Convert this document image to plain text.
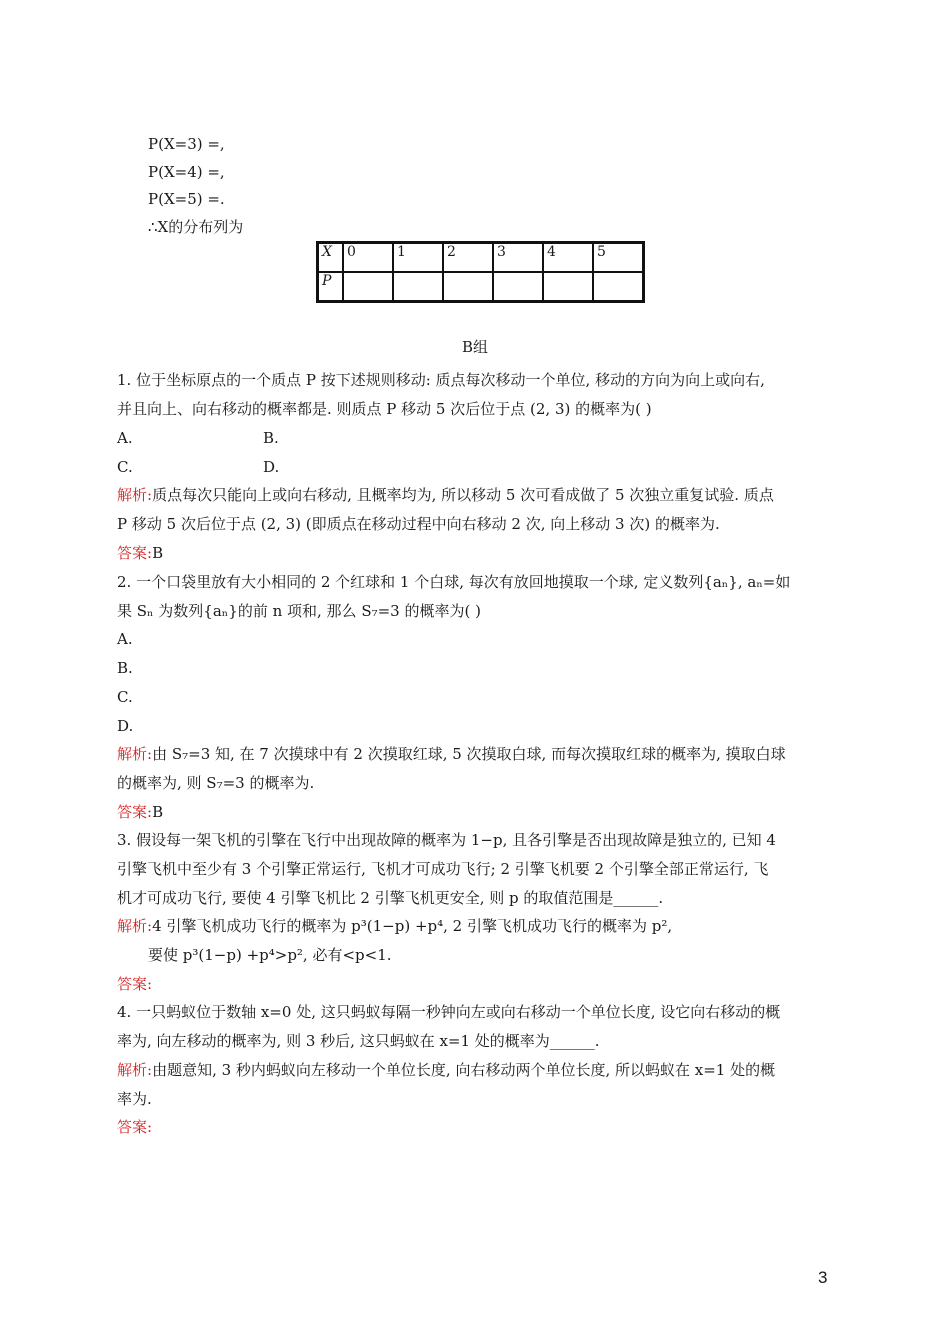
P(X=3) =,
P(X=4) =,
P(X=5) =.
∴X的分布列为
X	0	1	2	3	4	5
P						
B组
1. 位于坐标原点的一个质点 P 按下述规则移动: 质点每次移动一个单位, 移动的方向为向上或向右,
并且向上、向右移动的概率都是. 则质点 P 移动 5 次后位于点 (2, 3) 的概率为( )
A.	B.
C.	D.
解析:质点每次只能向上或向右移动, 且概率均为, 所以移动 5 次可看成做了 5 次独立重复试验. 质点
P 移动 5 次后位于点 (2, 3) (即质点在移动过程中向右移动 2 次, 向上移动 3 次) 的概率为.
答案:B
2. 一个口袋里放有大小相同的 2 个红球和 1 个白球, 每次有放回地摸取一个球, 定义数列{aₙ}, aₙ=如
果 Sₙ 为数列{aₙ}的前 n 项和, 那么 S₇=3 的概率为( )
A.
B.
C.
D.
解析:由 S₇=3 知, 在 7 次摸球中有 2 次摸取红球, 5 次摸取白球, 而每次摸取红球的概率为, 摸取白球
的概率为, 则 S₇=3 的概率为.
答案:B
3. 假设每一架飞机的引擎在飞行中出现故障的概率为 1−p, 且各引擎是否出现故障是独立的, 已知 4
引擎飞机中至少有 3 个引擎正常运行, 飞机才可成功飞行; 2 引擎飞机要 2 个引擎全部正常运行, 飞
机才可成功飞行, 要使 4 引擎飞机比 2 引擎飞机更安全, 则 p 的取值范围是______.
解析:4 引擎飞机成功飞行的概率为 p³(1−p) +p⁴, 2 引擎飞机成功飞行的概率为 p²,
要使 p³(1−p) +p⁴>p², 必有<p<1.
答案:
4. 一只蚂蚁位于数轴 x=0 处, 这只蚂蚁每隔一秒钟向左或向右移动一个单位长度, 设它向右移动的概
率为, 向左移动的概率为, 则 3 秒后, 这只蚂蚁在 x=1 处的概率为______.
解析:由题意知, 3 秒内蚂蚁向左移动一个单位长度, 向右移动两个单位长度, 所以蚂蚁在 x=1 处的概
率为.
答案:
3
